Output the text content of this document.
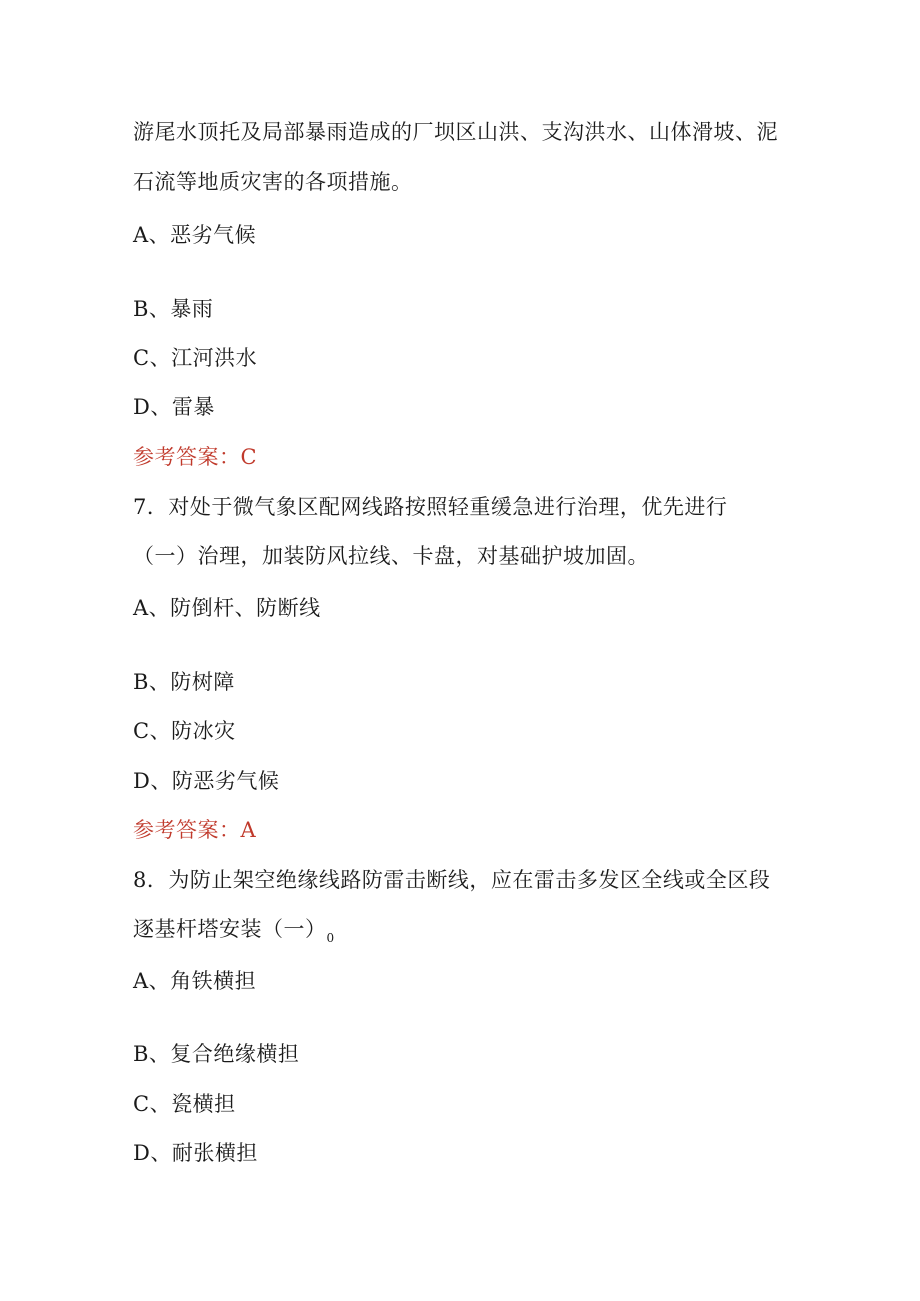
游尾水顶托及局部暴雨造成的厂坝区山洪、支沟洪水、山体滑坡、泥
石流等地质灾害的各项措施。
A、恶劣气候
B、暴雨
C、江河洪水
D、雷暴
参考答案：C
7．对处于微气象区配网线路按照轻重缓急进行治理，优先进行
（一）治理，加装防风拉线、卡盘，对基础护坡加固。
A、防倒杆、防断线
B、防树障
C、防冰灾
D、防恶劣气候
参考答案：A
8．为防止架空绝缘线路防雷击断线，应在雷击多发区全线或全区段
逐基杆塔安装（一）$_0$
A、角铁横担
B、复合绝缘横担
C、瓷横担
D、耐张横担
